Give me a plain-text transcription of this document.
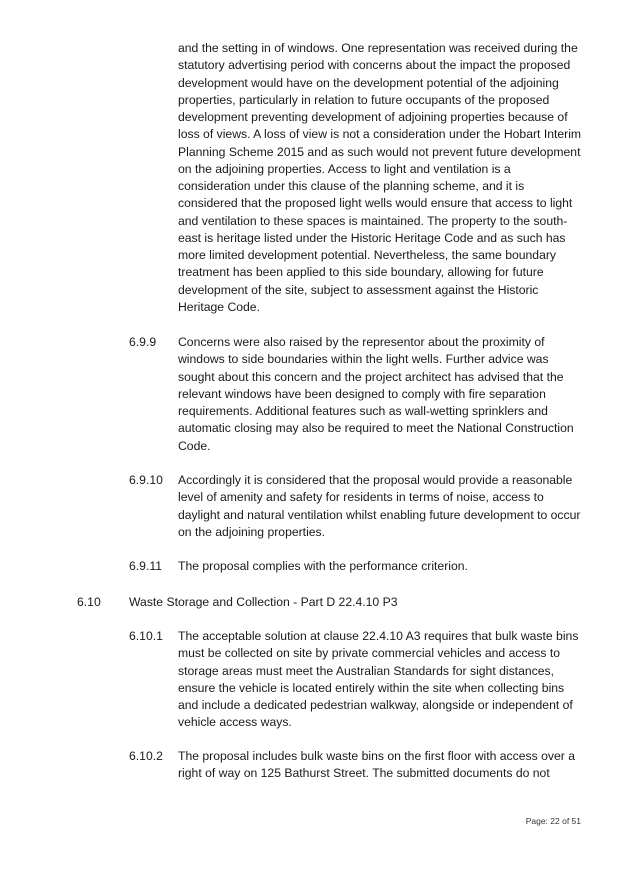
and the setting in of windows. One representation was received during the statutory advertising period with concerns about the impact the proposed development would have on the development potential of the adjoining properties, particularly in relation to future occupants of the proposed development preventing development of adjoining properties because of loss of views. A loss of view is not a consideration under the Hobart Interim Planning Scheme 2015 and as such would not prevent future development on the adjoining properties. Access to light and ventilation is a consideration under this clause of the planning scheme, and it is considered that the proposed light wells would ensure that access to light and ventilation to these spaces is maintained. The property to the south-east is heritage listed under the Historic Heritage Code and as such has more limited development potential. Nevertheless, the same boundary treatment has been applied to this side boundary, allowing for future development of the site, subject to assessment against the Historic Heritage Code.

6.9.9 Concerns were also raised by the representor about the proximity of windows to side boundaries within the light wells. Further advice was sought about this concern and the project architect has advised that the relevant windows have been designed to comply with fire separation requirements. Additional features such as wall-wetting sprinklers and automatic closing may also be required to meet the National Construction Code.

6.9.10 Accordingly it is considered that the proposal would provide a reasonable level of amenity and safety for residents in terms of noise, access to daylight and natural ventilation whilst enabling future development to occur on the adjoining properties.

6.9.11 The proposal complies with the performance criterion.

6.10 Waste Storage and Collection - Part D 22.4.10 P3

6.10.1 The acceptable solution at clause 22.4.10 A3 requires that bulk waste bins must be collected on site by private commercial vehicles and access to storage areas must meet the Australian Standards for sight distances, ensure the vehicle is located entirely within the site when collecting bins and include a dedicated pedestrian walkway, alongside or independent of vehicle access ways.

6.10.2 The proposal includes bulk waste bins on the first floor with access over a right of way on 125 Bathurst Street. The submitted documents do not

Page: 22 of 51
